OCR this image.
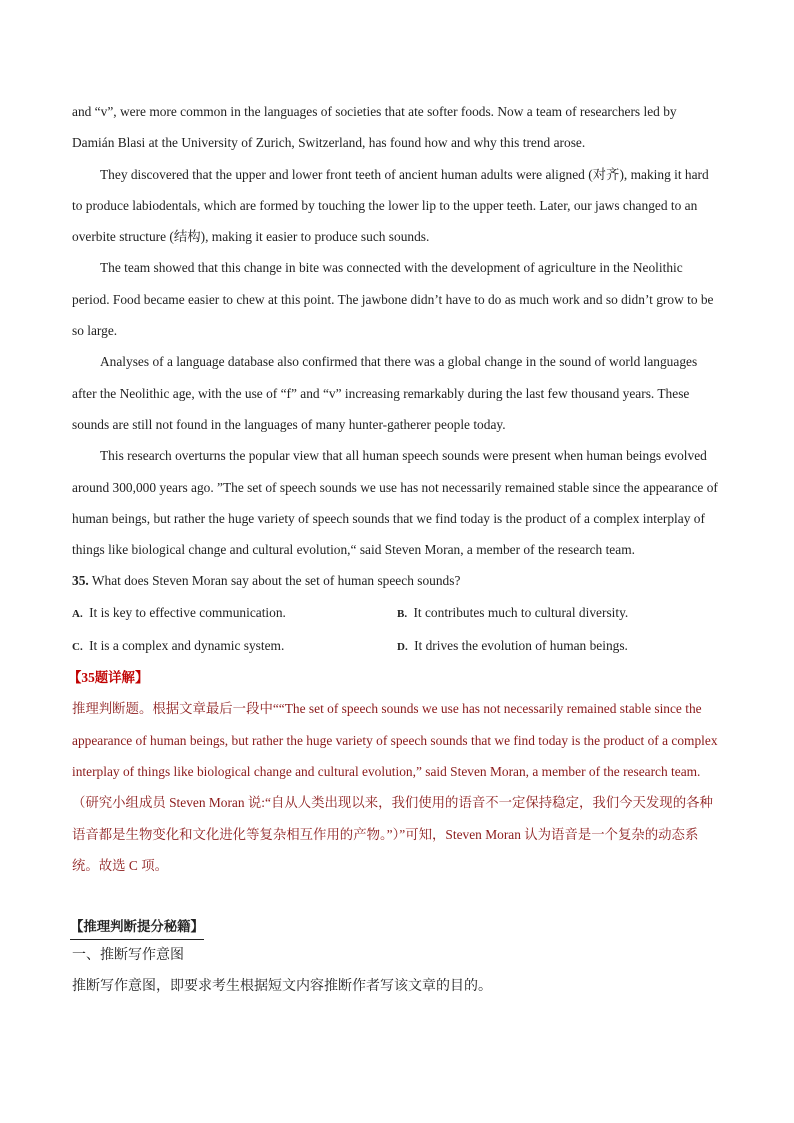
and “v”, were more common in the languages of societies that ate softer foods. Now a team of researchers led by Damián Blasi at the University of Zurich, Switzerland, has found how and why this trend arose.

They discovered that the upper and lower front teeth of ancient human adults were aligned (对齐), making it hard to produce labiodentals, which are formed by touching the lower lip to the upper teeth. Later, our jaws changed to an overbite structure (结构), making it easier to produce such sounds.

The team showed that this change in bite was connected with the development of agriculture in the Neolithic period. Food became easier to chew at this point. The jawbone didn’t have to do as much work and so didn’t grow to be so large.

Analyses of a language database also confirmed that there was a global change in the sound of world languages after the Neolithic age, with the use of “f” and “v” increasing remarkably during the last few thousand years. These sounds are still not found in the languages of many hunter-gatherer people today.

This research overturns the popular view that all human speech sounds were present when human beings evolved around 300,000 years ago. ”The set of speech sounds we use has not necessarily remained stable since the appearance of human beings, but rather the huge variety of speech sounds that we find today is the product of a complex interplay of things like biological change and cultural evolution,“ said Steven Moran, a member of the research team.

35. What does Steven Moran say about the set of human speech sounds?

A. It is key to effective communication.	B. It contributes much to cultural diversity.
C. It is a complex and dynamic system.	D. It drives the evolution of human beings.

【35题详解】

推理判断题。根据文章最后一段中““The set of speech sounds we use has not necessarily remained stable since the appearance of human beings, but rather the huge variety of speech sounds that we find today is the product of a complex interplay of things like biological change and cultural evolution,” said Steven Moran, a member of the research team.（研究小组成员 Steven Moran 说:“自从人类出现以来，我们使用的语音不一定保持稳定，我们今天发现的各种语音都是生物变化和文化进化等复杂相互作用的产物。”）”可知，Steven Moran 认为语音是一个复杂的动态系统。故选 C 项。

【推理判断提分秘籍】

一、推断写作意图

推断写作意图，即要求考生根据短文内容推断作者写该文章的目的。
